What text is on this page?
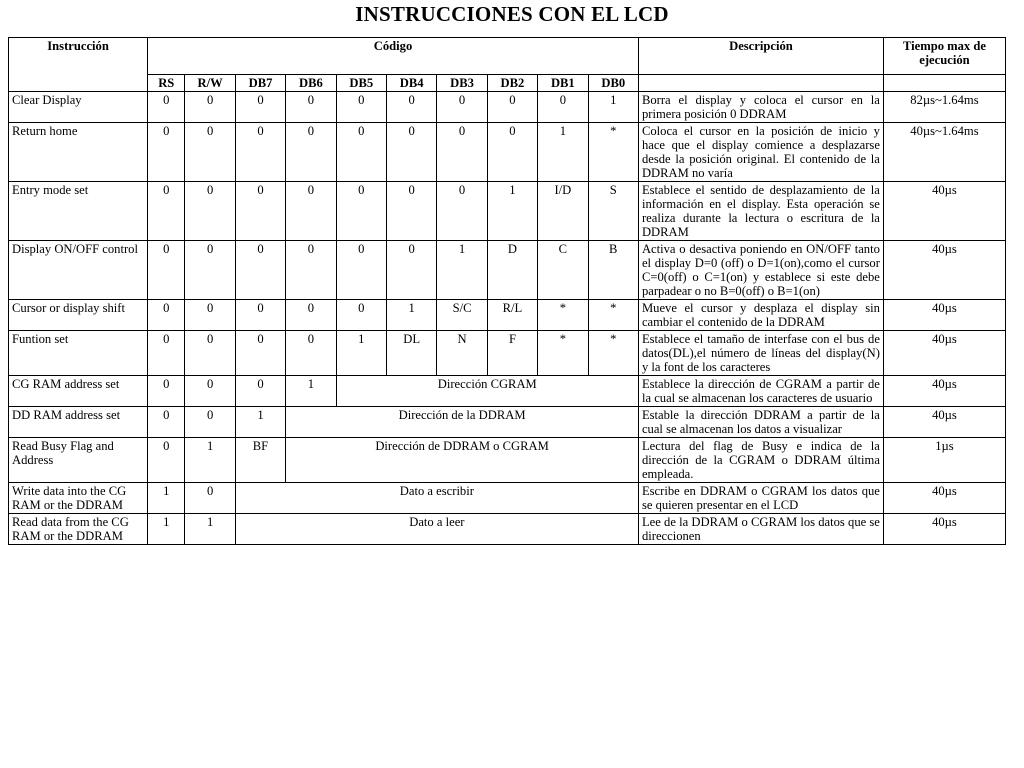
INSTRUCCIONES CON EL LCD
Instrucción	Código										Descripción	Tiempo max de ejecución
	RS	R/W	DB7	DB6	DB5	DB4	DB3	DB2	DB1	DB0		
Clear Display	0	0	0	0	0	0	0	0	0	1	Borra el display y coloca el cursor en la primera posición 0 DDRAM	82µs~1.64ms
Return home	0	0	0	0	0	0	0	0	1	*	Coloca el cursor en la posición de inicio y hace que el display comience a desplazarse desde la posición original. El contenido de la DDRAM no varía	40µs~1.64ms
Entry mode set	0	0	0	0	0	0	0	1	I/D	S	Establece el sentido de desplazamiento de la información en el display. Esta operación se realiza durante la lectura o escritura de la DDRAM	40µs
Display ON/OFF control	0	0	0	0	0	0	1	D	C	B	Activa o desactiva poniendo en ON/OFF tanto el display D=0 (off) o D=1(on),como el cursor C=0(off) o C=1(on) y establece si este debe parpadear o no B=0(off) o B=1(on)	40µs
Cursor or display shift	0	0	0	0	0	1	S/C	R/L	*	*	Mueve el cursor y desplaza el display sin cambiar el contenido de la DDRAM	40µs
Funtion set	0	0	0	0	1	DL	N	F	*	*	Establece el tamaño de interfase con el bus de datos(DL),el número de líneas del display(N) y la font de los caracteres	40µs
CG RAM address set	0	0	0	1	Dirección CGRAM						Establece la dirección de CGRAM a partir de la cual se almacenan los caracteres de usuario	40µs
DD RAM address set	0	0	1	Dirección de la DDRAM							Estable la dirección DDRAM a partir de la cual se almacenan los datos a visualizar	40µs
Read Busy Flag and Address	0	1	BF	Dirección de DDRAM o CGRAM							Lectura del flag de Busy e indica de la dirección de la CGRAM o DDRAM última empleada.	1µs
Write data into the CG RAM or the DDRAM	1	0	Dato a escribir								Escribe en DDRAM o CGRAM los datos que se quieren presentar en el LCD	40µs
Read data from the CG RAM or the DDRAM	1	1	Dato a leer								Lee de la DDRAM o CGRAM los datos que se direccionen	40µs
